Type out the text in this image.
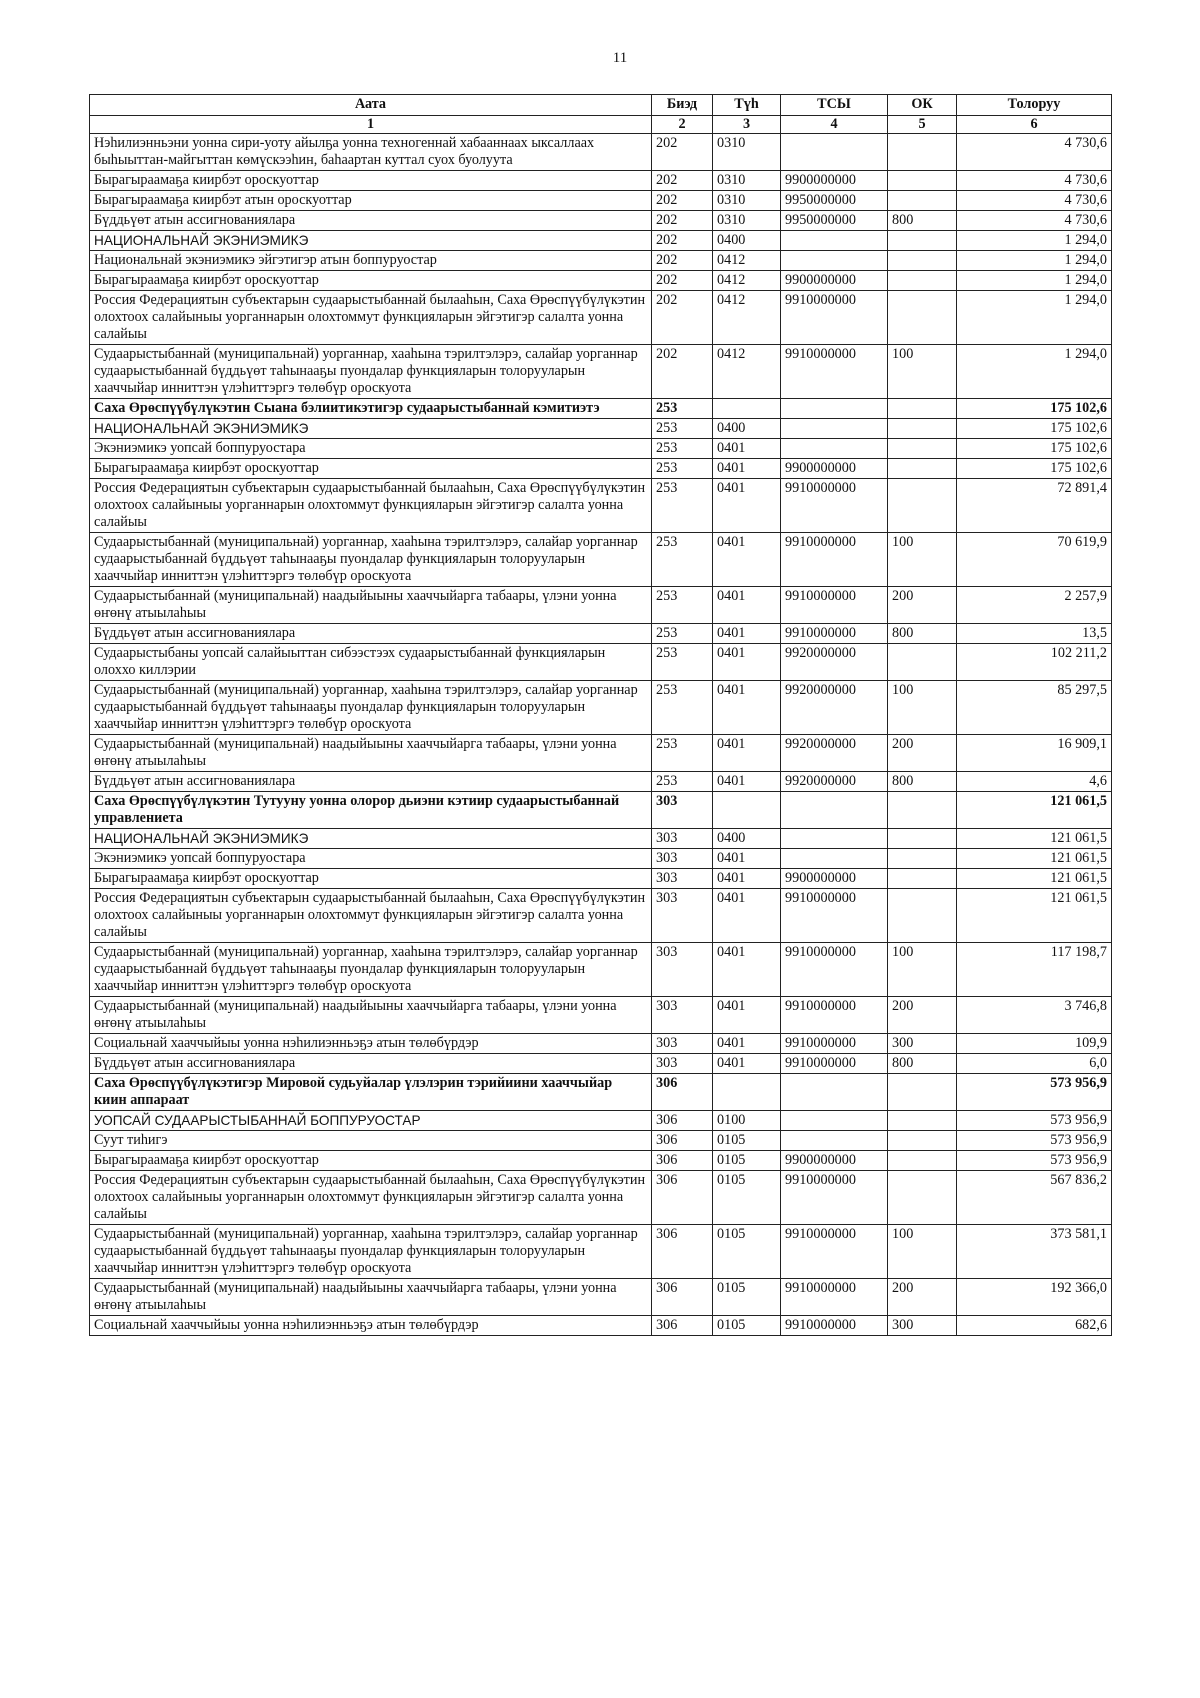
11
Аата	Биэд	Түһ	ТСЫ	ОК	Толоруу
1	2	3	4	5	6
Нэһилиэнньэни уонна сири-уоту айылҕа уонна техногеннай хабааннаах ыксаллаах быһыыттан-майгыттан көмүскээһин, баһаартан куттал суох буолуута	202	0310			4 730,6
Бырагыраамаҕа киирбэт ороскуоттар	202	0310	9900000000		4 730,6
Бырагыраамаҕа киирбэт атын ороскуоттар	202	0310	9950000000		4 730,6
Бүддьүөт атын ассигнованиялара	202	0310	9950000000	800	4 730,6
НАЦИОНАЛЬНАЙ ЭКЭНИЭМИКЭ	202	0400			1 294,0
Национальнай экэниэмикэ эйгэтигэр атын боппуруостар	202	0412			1 294,0
Бырагыраамаҕа киирбэт ороскуоттар	202	0412	9900000000		1 294,0
Россия Федерациятын субъектарын судаарыстыбаннай былааһын, Саха Өрөспүүбүлүкэтин олохтоох салайыныы уорганнарын олохтоммут функцияларын эйгэтигэр салалта уонна салайыы	202	0412	9910000000		1 294,0
Судаарыстыбаннай (муниципальнай) уорганнар, хааһына тэрилтэлэрэ, салайар уорганнар судаарыстыбаннай бүддьүөт таһынааҕы пуондалар функцияларын толорууларын хааччыйар инниттэн үлэһиттэргэ төлөбүр ороскуота	202	0412	9910000000	100	1 294,0
Саха Өрөспүүбүлүкэтин Сыана бэлиитикэтигэр судаарыстыбаннай кэмитиэтэ	253				175 102,6
НАЦИОНАЛЬНАЙ ЭКЭНИЭМИКЭ	253	0400			175 102,6
Экэниэмикэ уопсай боппуруостара	253	0401			175 102,6
Бырагыраамаҕа киирбэт ороскуоттар	253	0401	9900000000		175 102,6
Россия Федерациятын субъектарын судаарыстыбаннай былааһын, Саха Өрөспүүбүлүкэтин олохтоох салайыныы уорганнарын олохтоммут функцияларын эйгэтигэр салалта уонна салайыы	253	0401	9910000000		72 891,4
Судаарыстыбаннай (муниципальнай) уорганнар, хааһына тэрилтэлэрэ, салайар уорганнар судаарыстыбаннай бүддьүөт таһынааҕы пуондалар функцияларын толорууларын хааччыйар инниттэн үлэһиттэргэ төлөбүр ороскуота	253	0401	9910000000	100	70 619,9
Судаарыстыбаннай (муниципальнай) наадыйыыны хааччыйарга табаары, үлэни уонна өҥөнү атыылаһыы	253	0401	9910000000	200	2 257,9
Бүддьүөт атын ассигнованиялара	253	0401	9910000000	800	13,5
Судаарыстыбаны уопсай салайыыттан сибээстээх судаарыстыбаннай функцияларын олоххо киллэрии	253	0401	9920000000		102 211,2
Судаарыстыбаннай (муниципальнай) уорганнар, хааһына тэрилтэлэрэ, салайар уорганнар судаарыстыбаннай бүддьүөт таһынааҕы пуондалар функцияларын толорууларын хааччыйар инниттэн үлэһиттэргэ төлөбүр ороскуота	253	0401	9920000000	100	85 297,5
Судаарыстыбаннай (муниципальнай) наадыйыыны хааччыйарга табаары, үлэни уонна өҥөнү атыылаһыы	253	0401	9920000000	200	16 909,1
Бүддьүөт атын ассигнованиялара	253	0401	9920000000	800	4,6
Саха Өрөспүүбүлүкэтин Тутууну уонна олорор дьиэни кэтиир судаарыстыбаннай управлениета	303				121 061,5
НАЦИОНАЛЬНАЙ ЭКЭНИЭМИКЭ	303	0400			121 061,5
Экэниэмикэ уопсай боппуруостара	303	0401			121 061,5
Бырагыраамаҕа киирбэт ороскуоттар	303	0401	9900000000		121 061,5
Россия Федерациятын субъектарын судаарыстыбаннай былааһын, Саха Өрөспүүбүлүкэтин олохтоох салайыныы уорганнарын олохтоммут функцияларын эйгэтигэр салалта уонна салайыы	303	0401	9910000000		121 061,5
Судаарыстыбаннай (муниципальнай) уорганнар, хааһына тэрилтэлэрэ, салайар уорганнар судаарыстыбаннай бүддьүөт таһынааҕы пуондалар функцияларын толорууларын хааччыйар инниттэн үлэһиттэргэ төлөбүр ороскуота	303	0401	9910000000	100	117 198,7
Судаарыстыбаннай (муниципальнай) наадыйыыны хааччыйарга табаары, үлэни уонна өҥөнү атыылаһыы	303	0401	9910000000	200	3 746,8
Социальнай хааччыйыы уонна нэһилиэнньэҕэ атын төлөбүрдэр	303	0401	9910000000	300	109,9
Бүддьүөт атын ассигнованиялара	303	0401	9910000000	800	6,0
Саха Өрөспүүбүлүкэтигэр Мировой судьуйалар үлэлэрин тэрийиини хааччыйар киин аппараат	306				573 956,9
УОПСАЙ СУДААРЫСТЫБАННАЙ БОППУРУОСТАР	306	0100			573 956,9
Суут тиһигэ	306	0105			573 956,9
Бырагыраамаҕа киирбэт ороскуоттар	306	0105	9900000000		573 956,9
Россия Федерациятын субъектарын судаарыстыбаннай былааһын, Саха Өрөспүүбүлүкэтин олохтоох салайыныы уорганнарын олохтоммут функцияларын эйгэтигэр салалта уонна салайыы	306	0105	9910000000		567 836,2
Судаарыстыбаннай (муниципальнай) уорганнар, хааһына тэрилтэлэрэ, салайар уорганнар судаарыстыбаннай бүддьүөт таһынааҕы пуондалар функцияларын толорууларын хааччыйар инниттэн үлэһиттэргэ төлөбүр ороскуота	306	0105	9910000000	100	373 581,1
Судаарыстыбаннай (муниципальнай) наадыйыыны хааччыйарга табаары, үлэни уонна өҥөнү атыылаһыы	306	0105	9910000000	200	192 366,0
Социальнай хааччыйыы уонна нэһилиэнньэҕэ атын төлөбүрдэр	306	0105	9910000000	300	682,6
